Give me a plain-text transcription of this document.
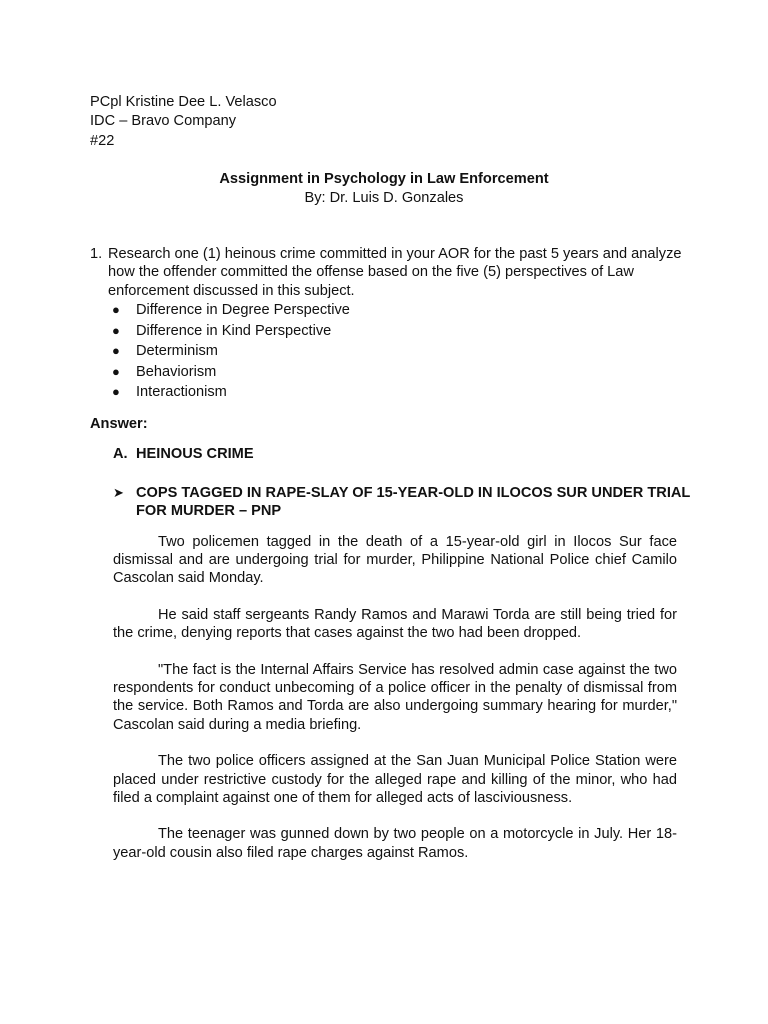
PCpl Kristine Dee L. Velasco
IDC – Bravo Company
#22
Assignment in Psychology in Law Enforcement
By: Dr. Luis D. Gonzales
1. Research one (1) heinous crime committed in your AOR for the past 5 years and analyze how the offender committed the offense based on the five (5) perspectives of Law enforcement discussed in this subject.
● Difference in Degree Perspective
● Difference in Kind Perspective
● Determinism
● Behaviorism
● Interactionism
Answer:
A. HEINOUS CRIME
➤ COPS TAGGED IN RAPE-SLAY OF 15-YEAR-OLD IN ILOCOS SUR UNDER TRIAL FOR MURDER – PNP

Two policemen tagged in the death of a 15-year-old girl in Ilocos Sur face dismissal and are undergoing trial for murder, Philippine National Police chief Camilo Cascolan said Monday.

He said staff sergeants Randy Ramos and Marawi Torda are still being tried for the crime, denying reports that cases against the two had been dropped.

"The fact is the Internal Affairs Service has resolved admin case against the two respondents for conduct unbecoming of a police officer in the penalty of dismissal from the service. Both Ramos and Torda are also undergoing summary hearing for murder," Cascolan said during a media briefing.

The two police officers assigned at the San Juan Municipal Police Station were placed under restrictive custody for the alleged rape and killing of the minor, who had filed a complaint against one of them for alleged acts of lasciviousness.

The teenager was gunned down by two people on a motorcycle in July. Her 18-year-old cousin also filed rape charges against Ramos.
